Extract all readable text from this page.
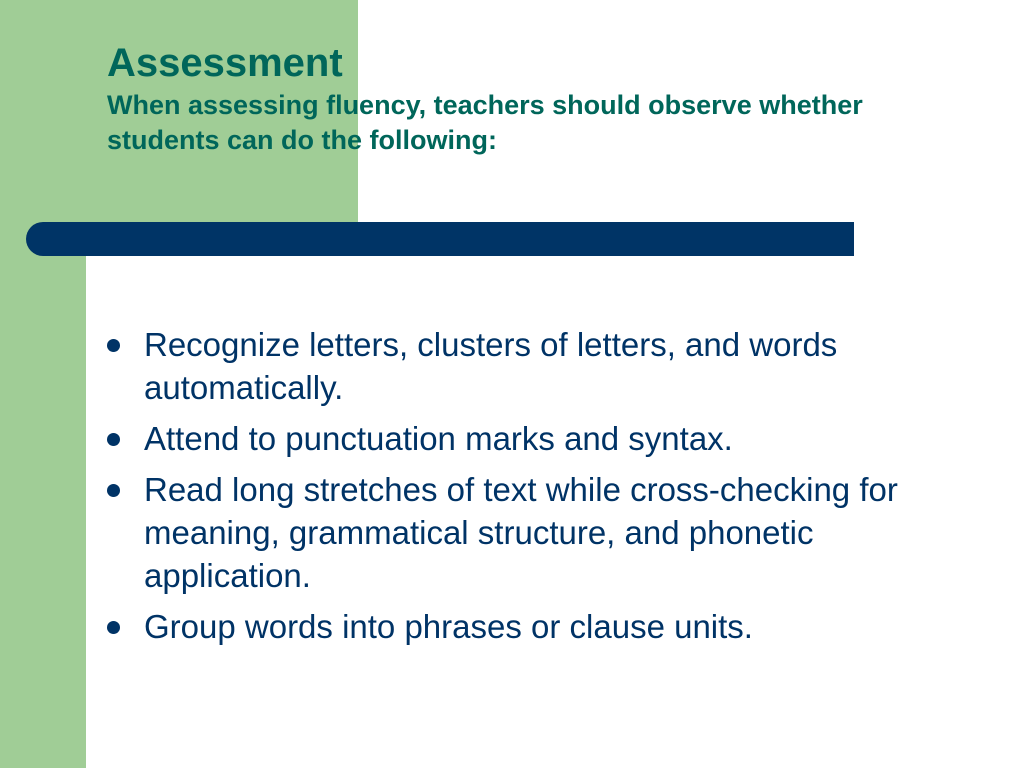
Assessment
When assessing fluency, teachers should observe whether students can do the following:
Recognize letters, clusters of letters, and words automatically.
Attend to punctuation marks and syntax.
Read long stretches of text while cross-checking for meaning, grammatical structure, and phonetic application.
Group words into phrases or clause units.
